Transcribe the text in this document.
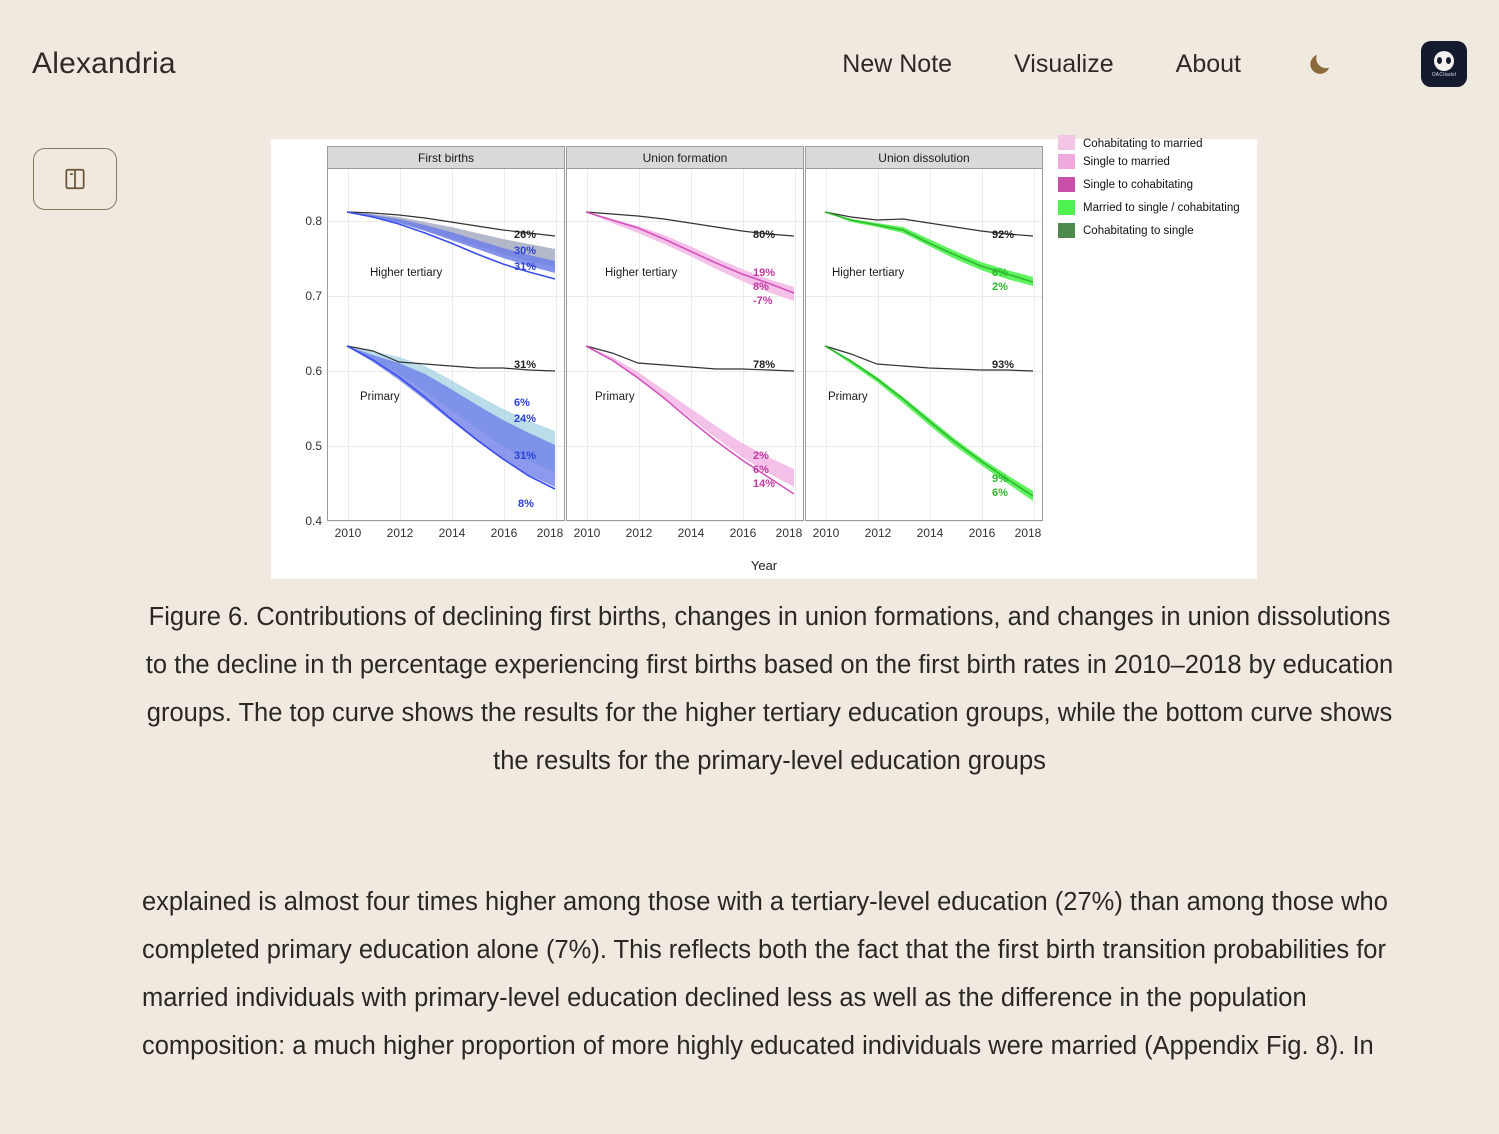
Alexandria	New Note Visualize About	OACitadel
Year
First births
0.4
0.5
0.6
0.7
0.8
2010 2012 2014 2016 2018
Higher tertiary
Primary
26%
30%
31%
31%
6%
24%
31%
8%
Union formation
2010 2012 2014 2016 2018
Higher tertiary
Primary
80%
19%
8%
-7%
78%
2%
6%
14%
Union dissolution
2010 2012 2014 2016 2018
Higher tertiary
Primary
92%
6%
2%
93%
9%
6%
Cohabitating to married
Single to married
Single to cohabitating
Married to single / cohabitating
Cohabitating to single
Figure 6. Contributions of declining first births, changes in union formations, and changes in union dissolutions to the decline in th percentage experiencing first births based on the first birth rates in 2010–2018 by education groups. The top curve shows the results for the higher tertiary education groups, while the bottom curve shows the results for the primary-level education groups
explained is almost four times higher among those with a tertiary-level education (27%) than among those who completed primary education alone (7%). This reflects both the fact that the first birth transition probabilities for married individuals with primary-level education declined less as well as the difference in the population composition: a much higher proportion of more highly educated individuals were married (Appendix Fig. 8). In
